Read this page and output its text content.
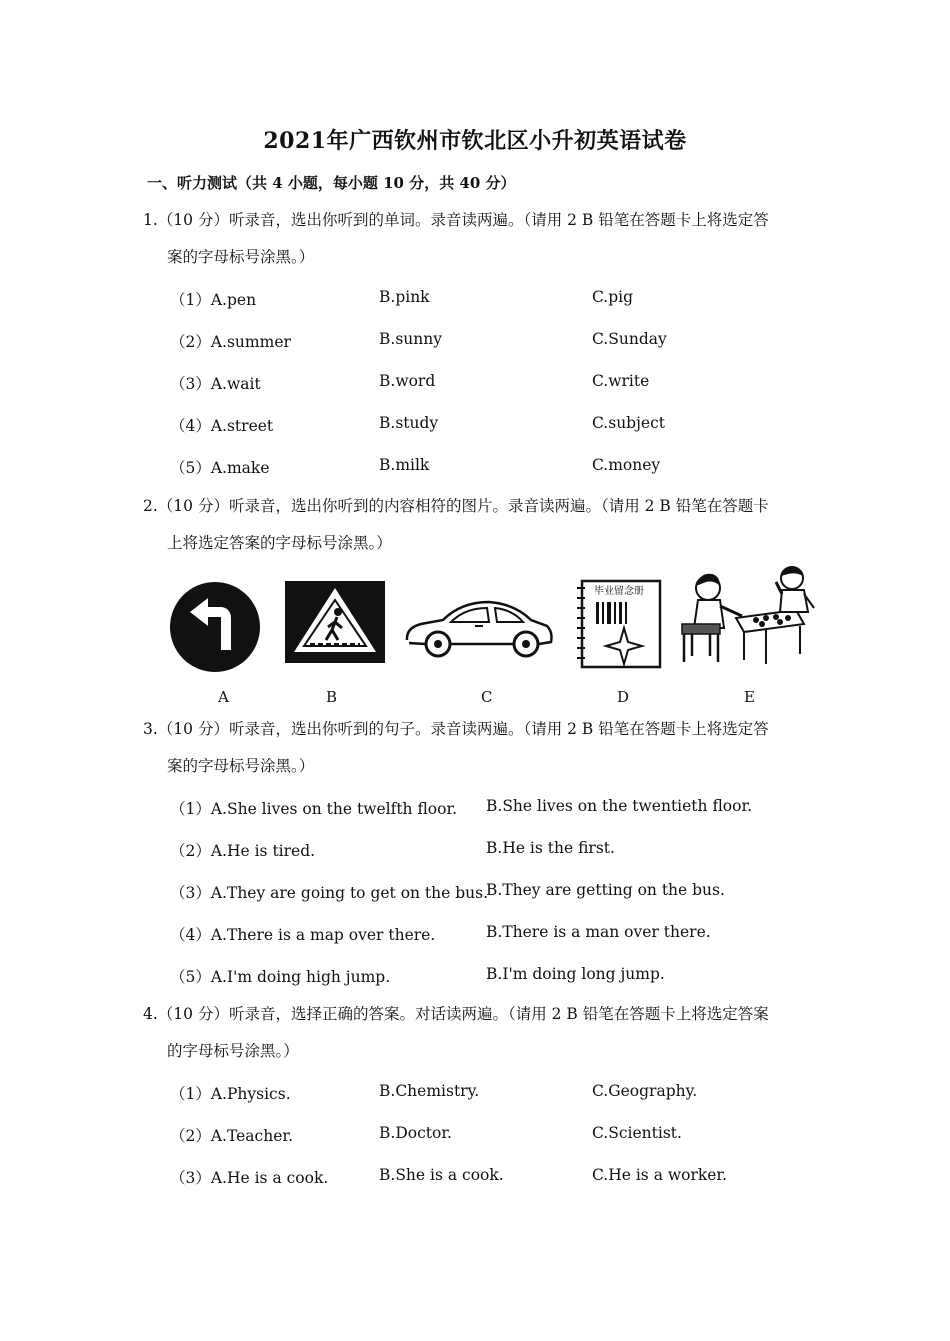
2021年广西钦州市钦北区小升初英语试卷
一、听力测试（共 4 小题，每小题 10 分，共 40 分）
1.（10 分）听录音，选出你听到的单词。录音读两遍。（请用 2 B 铅笔在答题卡上将选定答
案的字母标号涂黑。）
（1）A.pen	B.pink	C.pig
（2）A.summer	B.sunny	C.Sunday
（3）A.wait	B.word	C.write
（4）A.street	B.study	C.subject
（5）A.make	B.milk	C.money
2.（10 分）听录音，选出你听到的内容相符的图片。录音读两遍。（请用 2 B 铅笔在答题卡
上将选定答案的字母标号涂黑。）
毕业留念册
A	B	C	D	E
3.（10 分）听录音，选出你听到的句子。录音读两遍。（请用 2 B 铅笔在答题卡上将选定答
案的字母标号涂黑。）
（1）A.She lives on the twelfth floor. B.She lives on the twentieth floor.
（2）A.He is tired.	B.He is the first.
（3）A.They are going to get on the bus.
B.They are getting on the bus.
（4）A.There is a map over there.	B.There is a man over there.
（5）A.I'm doing high jump.	B.I'm doing long jump.
4.（10 分）听录音，选择正确的答案。对话读两遍。（请用 2 B 铅笔在答题卡上将选定答案
的字母标号涂黑。）
（1）A.Physics.	B.Chemistry.	C.Geography.
（2）A.Teacher.	B.Doctor.	C.Scientist.
（3）A.He is a cook.	B.She is a cook.	C.He is a worker.
